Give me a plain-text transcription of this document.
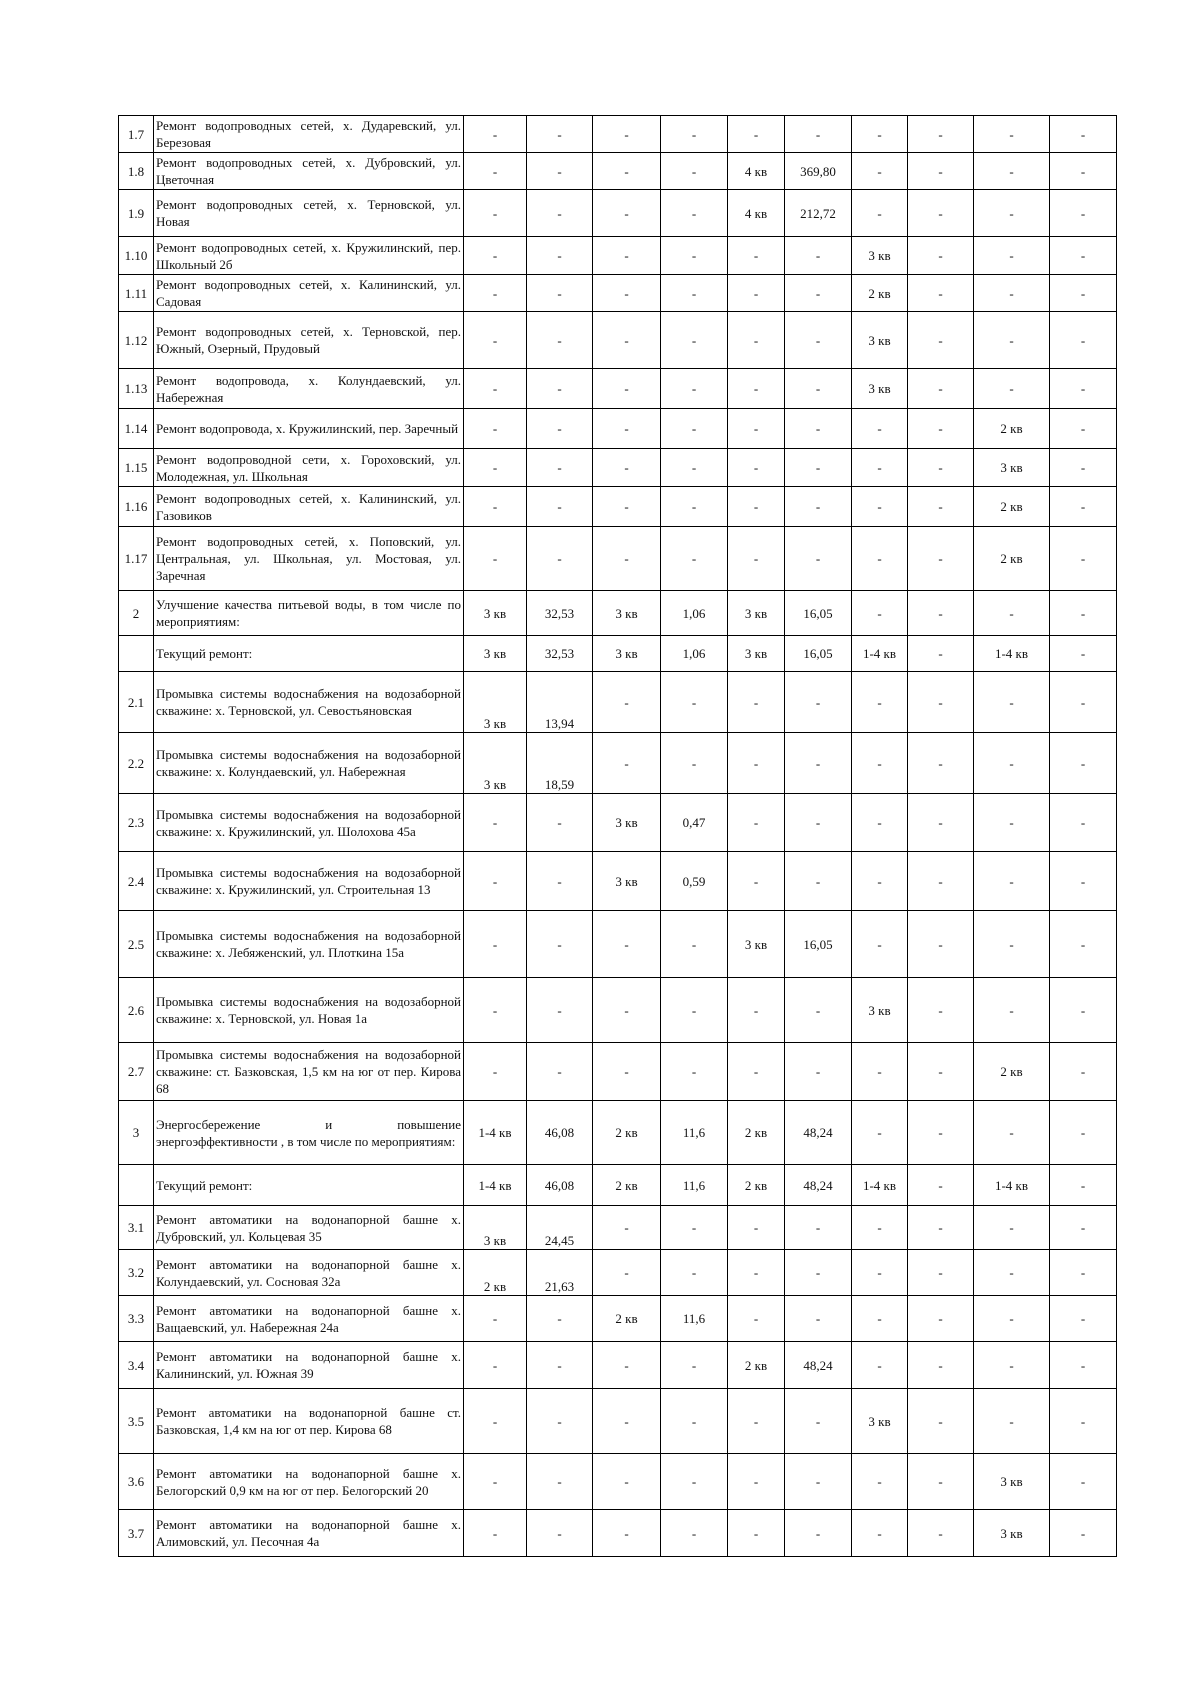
1.7	Ремонт водопроводных сетей, х. Дударевский, ул. Березовая	-	-	-	-	-	-	-	-	-	-
1.8	Ремонт водопроводных сетей, х. Дубровский, ул. Цветочная	-	-	-	-	4 кв	369,80	-	-	-	-
1.9	Ремонт водопроводных сетей, х. Терновской, ул. Новая	-	-	-	-	4 кв	212,72	-	-	-	-
1.10	Ремонт водопроводных сетей, х. Кружилинский, пер. Школьный 2б	-	-	-	-	-	-	3 кв	-	-	-
1.11	Ремонт водопроводных сетей, х. Калининский, ул. Садовая	-	-	-	-	-	-	2 кв	-	-	-
1.12	Ремонт водопроводных сетей, х. Терновской, пер. Южный, Озерный, Прудовый	-	-	-	-	-	-	3 кв	-	-	-
1.13	Ремонт водопровода, х. Колундаевский, ул. Набережная	-	-	-	-	-	-	3 кв	-	-	-
1.14	Ремонт водопровода, х. Кружилинский, пер. Заречный	-	-	-	-	-	-	-	-	2 кв	-
1.15	Ремонт водопроводной сети, х. Гороховский, ул. Молодежная, ул. Школьная	-	-	-	-	-	-	-	-	3 кв	-
1.16	Ремонт водопроводных сетей, х. Калининский, ул. Газовиков	-	-	-	-	-	-	-	-	2 кв	-
1.17	Ремонт водопроводных сетей, х. Поповский, ул. Центральная, ул. Школьная, ул. Мостовая, ул. Заречная	-	-	-	-	-	-	-	-	2 кв	-
2	Улучшение качества питьевой воды, в том числе по мероприятиям:	3 кв	32,53	3 кв	1,06	3 кв	16,05	-	-	-	-
	Текущий ремонт:	3 кв	32,53	3 кв	1,06	3 кв	16,05	1-4 кв	-	1-4 кв	-
2.1	Промывка системы водоснабжения на водозаборной скважине: х. Терновской, ул. Севостьяновская	3 кв	13,94	-	-	-	-	-	-	-	-
2.2	Промывка системы водоснабжения на водозаборной скважине: х. Колундаевский, ул. Набережная	3 кв	18,59	-	-	-	-	-	-	-	-
2.3	Промывка системы водоснабжения на водозаборной скважине: х. Кружилинский, ул. Шолохова 45а	-	-	3 кв	0,47	-	-	-	-	-	-
2.4	Промывка системы водоснабжения на водозаборной скважине: х. Кружилинский, ул. Строительная 13	-	-	3 кв	0,59	-	-	-	-	-	-
2.5	Промывка системы водоснабжения на водозаборной скважине: х. Лебяженский, ул. Плоткина 15а	-	-	-	-	3 кв	16,05	-	-	-	-
2.6	Промывка системы водоснабжения на водозаборной скважине: х. Терновской, ул. Новая 1а	-	-	-	-	-	-	3 кв	-	-	-
2.7	Промывка системы водоснабжения на водозаборной скважине: ст. Базковская, 1,5 км на юг от пер. Кирова 68	-	-	-	-	-	-	-	-	2 кв	-
3	Энергосбережение и повышение энергоэффективности , в том числе по мероприятиям:	1-4 кв	46,08	2 кв	11,6	2 кв	48,24	-	-	-	-
	Текущий ремонт:	1-4 кв	46,08	2 кв	11,6	2 кв	48,24	1-4 кв	-	1-4 кв	-
3.1	Ремонт автоматики на водонапорной башне х. Дубровский, ул. Кольцевая 35	3 кв	24,45	-	-	-	-	-	-	-	-
3.2	Ремонт автоматики на водонапорной башне х. Колундаевский, ул. Сосновая 32а	2 кв	21,63	-	-	-	-	-	-	-	-
3.3	Ремонт автоматики на водонапорной башне х. Ващаевский, ул. Набережная 24а	-	-	2 кв	11,6	-	-	-	-	-	-
3.4	Ремонт автоматики на водонапорной башне х. Калининский, ул. Южная 39	-	-	-	-	2 кв	48,24	-	-	-	-
3.5	Ремонт автоматики на водонапорной башне ст. Базковская, 1,4 км на юг от пер. Кирова 68	-	-	-	-	-	-	3 кв	-	-	-
3.6	Ремонт автоматики на водонапорной башне х. Белогорский 0,9 км на юг от пер. Белогорский 20	-	-	-	-	-	-	-	-	3 кв	-
3.7	Ремонт автоматики на водонапорной башне х. Алимовский, ул. Песочная 4а	-	-	-	-	-	-	-	-	3 кв	-
